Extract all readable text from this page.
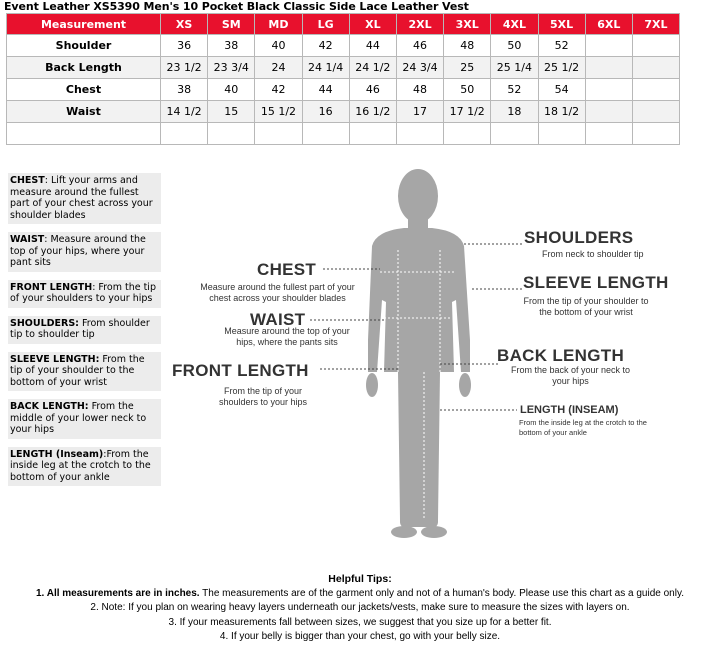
Event Leather XS5390 Men's 10 Pocket Black Classic Side Lace Leather Vest
Measurement	XS	SM	MD	LG	XL	2XL	3XL	4XL	5XL	6XL	7XL
Shoulder	36	38	40	42	44	46	48	50	52		
Back Length	23 1/2	23 3/4	24	24 1/4	24 1/2	24 3/4	25	25 1/4	25 1/2		
Chest	38	40	42	44	46	48	50	52	54		
Waist	14 1/2	15	15 1/2	16	16 1/2	17	17 1/2	18	18 1/2		

CHEST: Lift your arms and measure around the fullest part of your chest across your shoulder blades
WAIST: Measure around the top of your hips, where your pant sits
FRONT LENGTH: From the tip of your shoulders to your hips
SHOULDERS: From shoulder tip to shoulder tip
SLEEVE LENGTH: From the tip of your shoulder to the bottom of your wrist
BACK LENGTH: From the middle of your lower neck to your hips
LENGTH (Inseam):From the inside leg at the crotch to the bottom of your ankle
CHEST
Measure around the fullest part of your chest across your shoulder blades
WAIST
Measure around the top of your hips, where the pants sits
FRONT LENGTH
From the tip of your shoulders to your hips
SHOULDERS
From neck to shoulder tip
SLEEVE LENGTH
From the tip of your shoulder to the bottom of your wrist
BACK LENGTH
From the back of your neck to your hips
LENGTH (INSEAM)
From the inside leg at the crotch to the bottom of your ankle
Helpful Tips:
1. All measurements are in inches. The measurements are of the garment only and not of a human's body. Please use this chart as a guide only.
2. Note: If you plan on wearing heavy layers underneath our jackets/vests, make sure to measure the sizes with layers on.
3. If your measurements fall between sizes, we suggest that you size up for a better fit.
4. If your belly is bigger than your chest, go with your belly size.
